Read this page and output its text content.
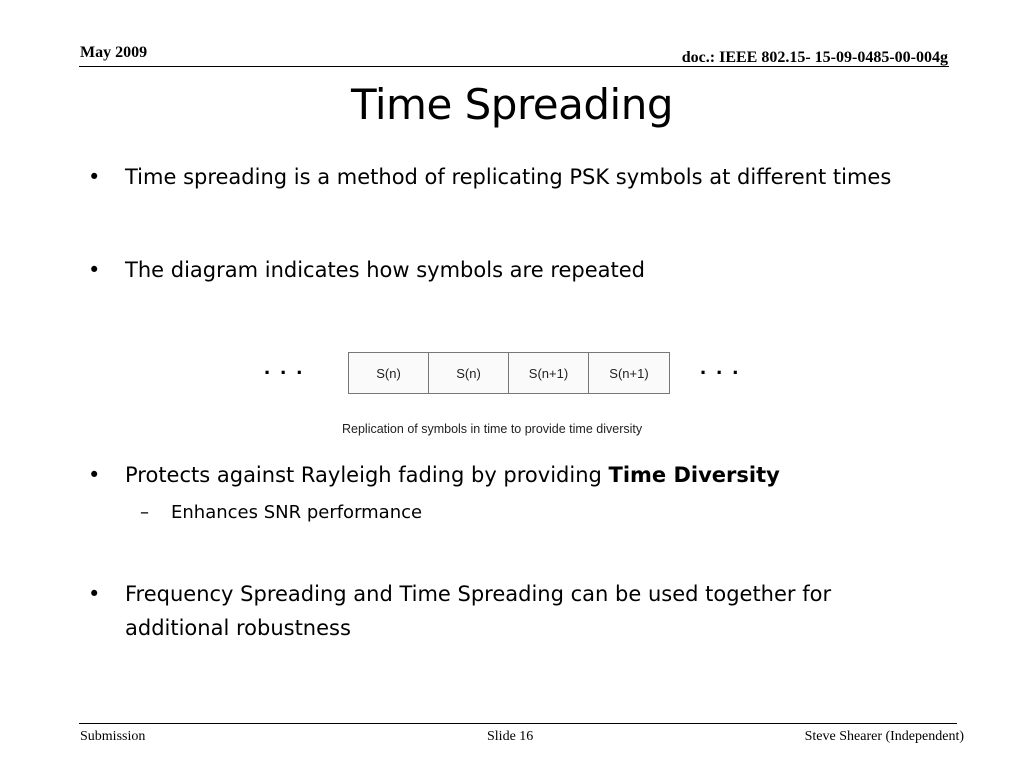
May 2009	doc.: IEEE 802.15- 15-09-0485-00-004g
Time Spreading
• Time spreading is a method of replicating PSK symbols at different times
• The diagram indicates how symbols are repeated
...	S(n)	S(n)	S(n+1)	S(n+1)	...
Replication of symbols in time to provide time diversity
• Protects against Rayleigh fading by providing Time Diversity
– Enhances SNR performance
• Frequency Spreading and Time Spreading can be used together for additional robustness
Submission	Slide 16	Steve Shearer (Independent)
